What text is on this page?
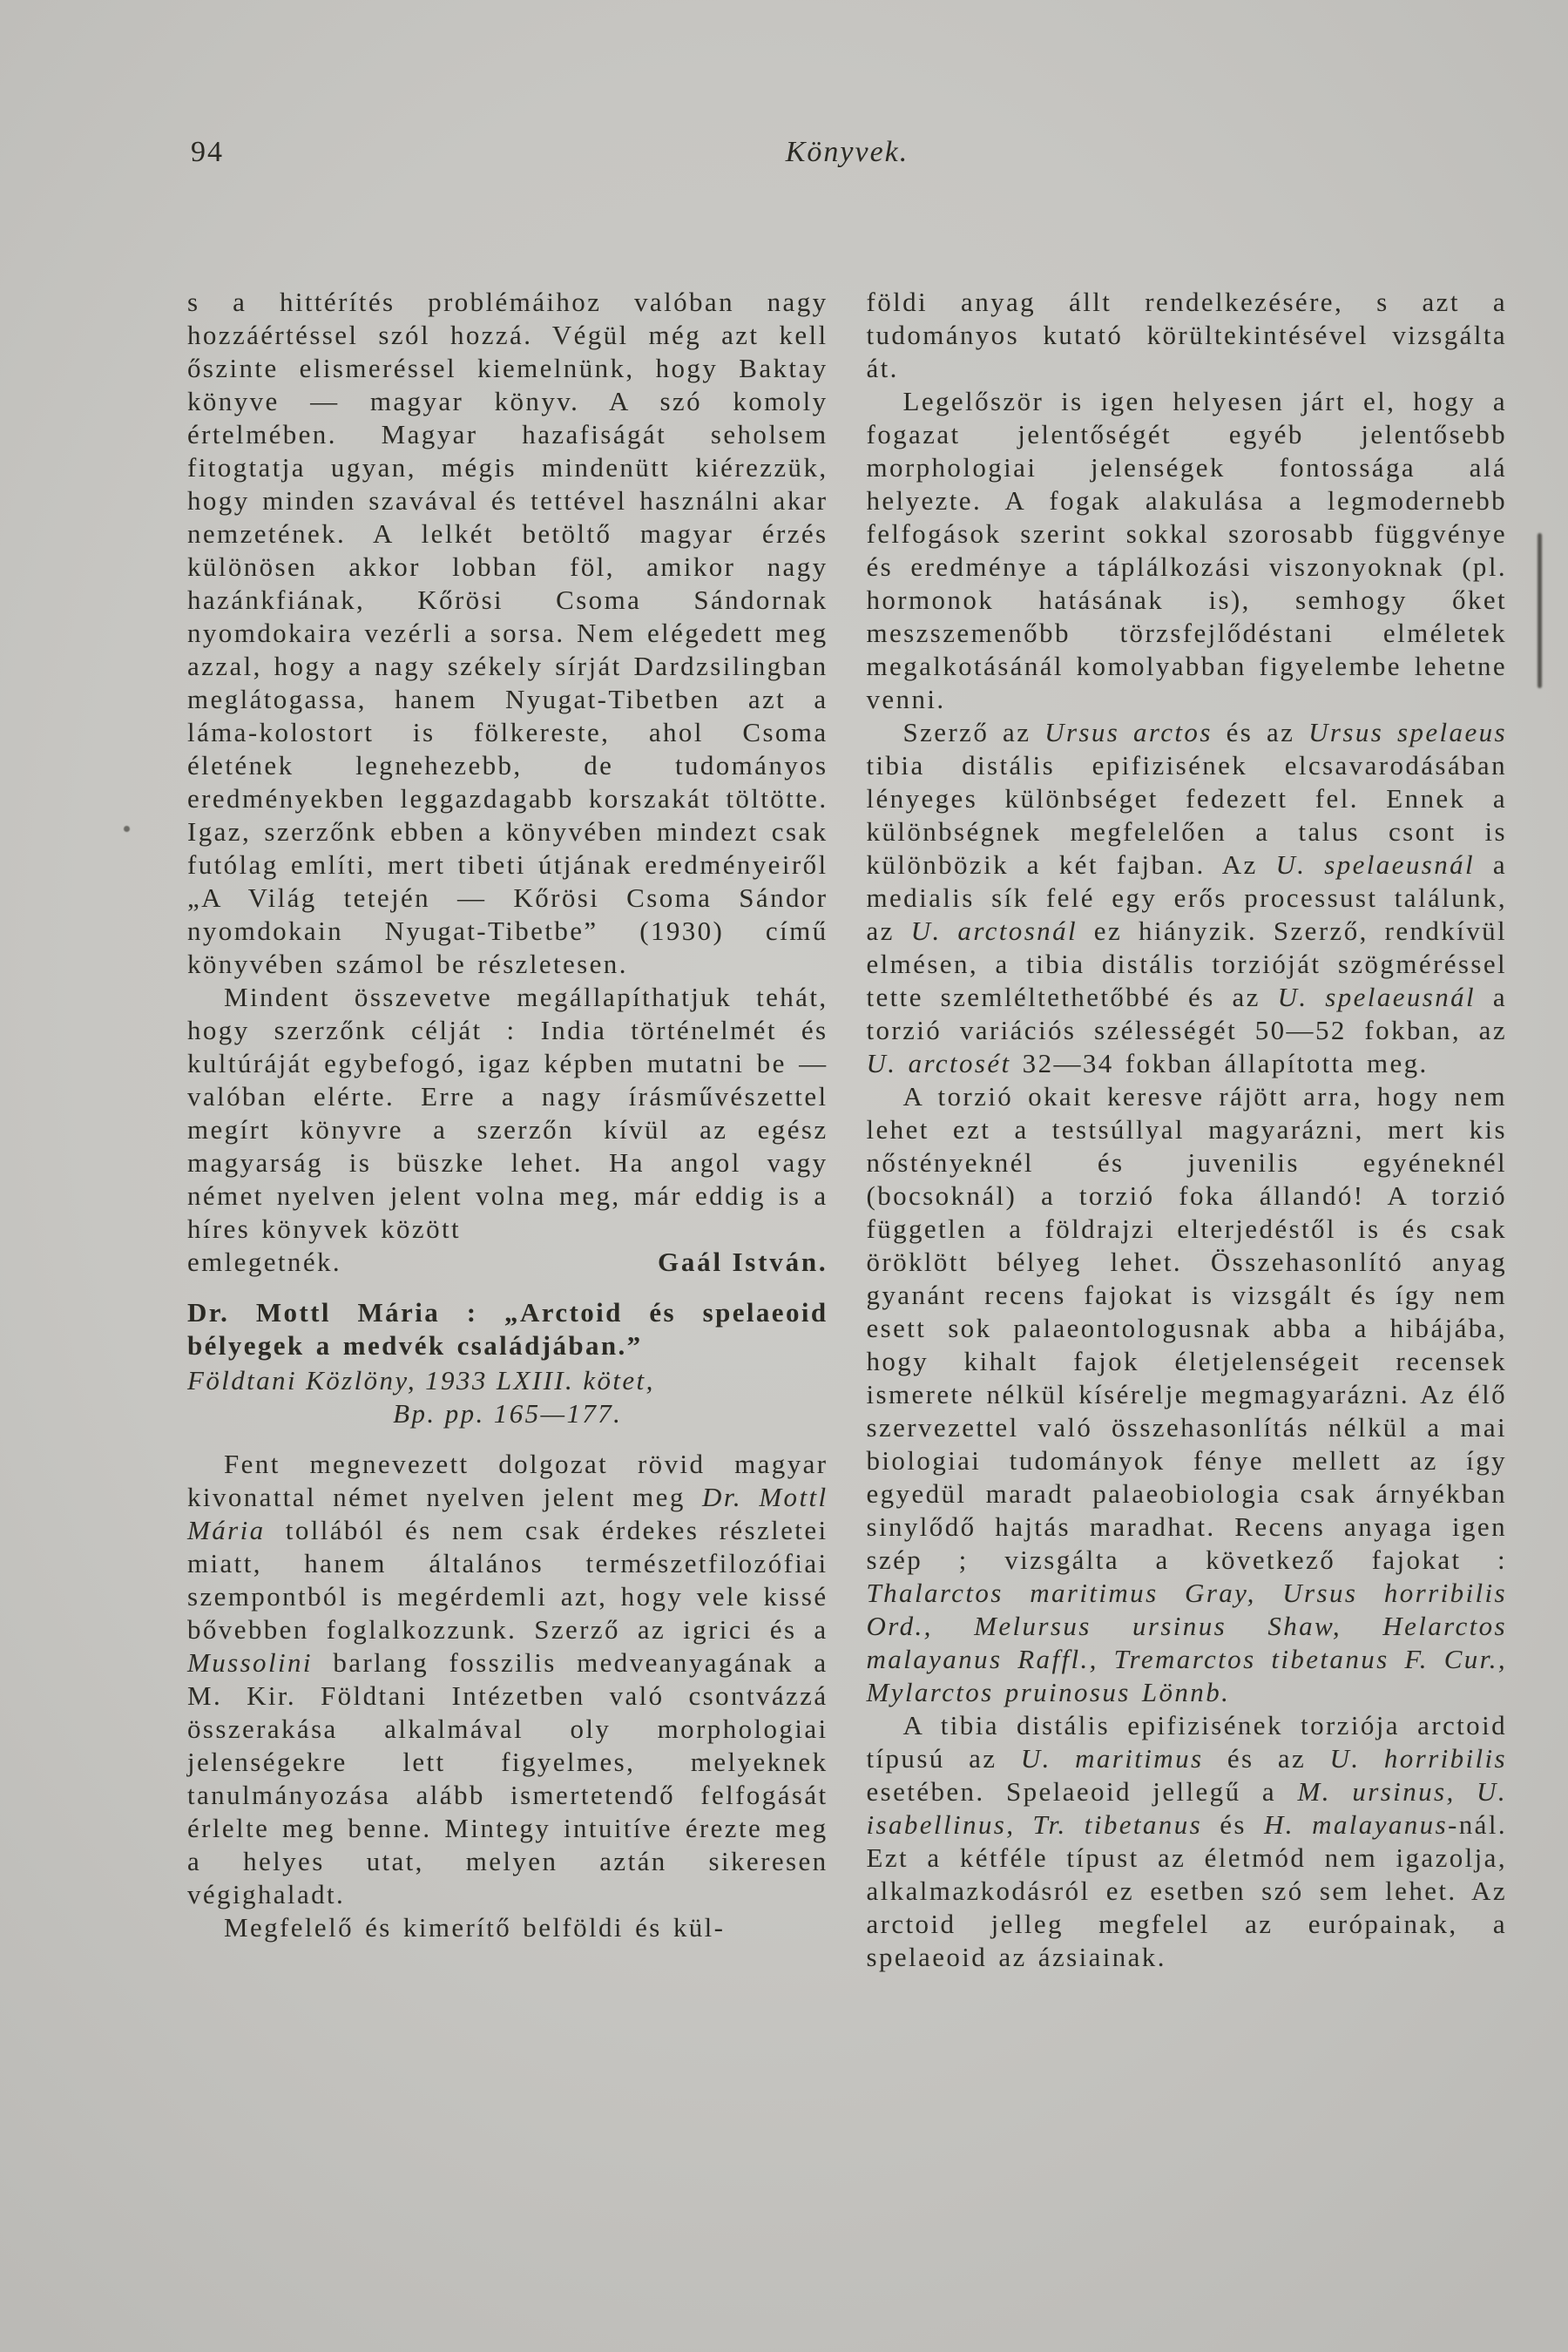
94	Könyvek.

s a hittérítés problémáihoz valóban nagy hozzáértéssel szól hozzá. Végül még azt kell őszinte elismeréssel kiemelnünk, hogy Baktay könyve — magyar könyv. A szó komoly értelmében. Magyar hazafiságát seholsem fitogtatja ugyan, mégis mindenütt kiérezzük, hogy minden szavával és tettével használni akar nemzetének. A lelkét betöltő magyar érzés különösen akkor lobban föl, amikor nagy hazánkfiának, Kőrösi Csoma Sándornak nyomdokaira vezérli a sorsa. Nem elégedett meg azzal, hogy a nagy székely sírját Dardzsilingban meglátogassa, hanem Nyugat-Tibetben azt a láma-kolostort is fölkereste, ahol Csoma életének legnehezebb, de tudományos eredményekben leggazdagabb korszakát töltötte. Igaz, szerzőnk ebben a könyvében mindezt csak futólag említi, mert tibeti útjának eredményeiről „A Világ tetején — Kőrösi Csoma Sándor nyomdokain Nyugat-Tibetbe” (1930) című könyvében számol be részletesen.

Mindent összevetve megállapíthatjuk tehát, hogy szerzőnk célját : India történelmét és kultúráját egybefogó, igaz képben mutatni be — valóban elérte. Erre a nagy írásművészettel megírt könyvre a szerzőn kívül az egész magyarság is büszke lehet. Ha angol vagy német nyelven jelent volna meg, már eddig is a híres könyvek között

emlegetnék.	Gaál István.

Dr. Mottl Mária : „Arctoid és spelaeoid bélyegek a medvék családjában.”

Földtani Közlöny, 1933 LXIII. kötet,
Bp. pp. 165—177.

Fent megnevezett dolgozat rövid magyar kivonattal német nyelven jelent meg Dr. Mottl Mária tollából és nem csak érdekes részletei miatt, hanem általános természetfilozófiai szempontból is megérdemli azt, hogy vele kissé bővebben foglalkozzunk. Szerző az igrici és a Mussolini barlang fosszilis medveanyagának a M. Kir. Földtani Intézetben való csontvázzá összerakása alkalmával oly morphologiai jelenségekre lett figyelmes, melyeknek tanulmányozása alább ismertetendő felfogását érlelte meg benne. Mintegy intuitíve érezte meg a helyes utat, melyen aztán sikeresen végighaladt.

Megfelelő és kimerítő belföldi és kül-

földi anyag állt rendelkezésére, s azt a tudományos kutató körültekintésével vizsgálta át.

Legelőször is igen helyesen járt el, hogy a fogazat jelentőségét egyéb jelentősebb morphologiai jelenségek fontossága alá helyezte. A fogak alakulása a legmodernebb felfogások szerint sokkal szorosabb függvénye és eredménye a táplálkozási viszonyoknak (pl. hormonok hatásának is), semhogy őket meszszemenőbb törzsfejlődéstani elméletek megalkotásánál komolyabban figyelembe lehetne venni.

Szerző az Ursus arctos és az Ursus spelaeus tibia distális epifizisének elcsavarodásában lényeges különbséget fedezett fel. Ennek a különbségnek megfelelően a talus csont is különbözik a két fajban. Az U. spelaeusnál a medialis sík felé egy erős processust találunk, az U. arctosnál ez hiányzik. Szerző, rendkívül elmésen, a tibia distális torzióját szögméréssel tette szemléltethetőbbé és az U. spelaeusnál a torzió variációs szélességét 50—52 fokban, az U. arctosét 32—34 fokban állapította meg.

A torzió okait keresve rájött arra, hogy nem lehet ezt a testsúllyal magyarázni, mert kis nőstényeknél és juvenilis egyéneknél (bocsoknál) a torzió foka állandó! A torzió független a földrajzi elterjedéstől is és csak öröklött bélyeg lehet. Összehasonlító anyag gyanánt recens fajokat is vizsgált és így nem esett sok palaeontologusnak abba a hibájába, hogy kihalt fajok életjelenségeit recensek ismerete nélkül kísérelje megmagyarázni. Az élő szervezettel való összehasonlítás nélkül a mai biologiai tudományok fénye mellett az így egyedül maradt palaeobiologia csak árnyékban sinylődő hajtás maradhat. Recens anyaga igen szép ; vizsgálta a következő fajokat : Thalarctos maritimus Gray, Ursus horribilis Ord., Melursus ursinus Shaw, Helarctos malayanus Raffl., Tremarctos tibetanus F. Cur., Mylarctos pruinosus Lönnb.

A tibia distális epifizisének torziója arctoid típusú az U. maritimus és az U. horribilis esetében. Spelaeoid jellegű a M. ursinus, U. isabellinus, Tr. tibetanus és H. malayanus-nál. Ezt a kétféle típust az életmód nem igazolja, alkalmazkodásról ez esetben szó sem lehet. Az arctoid jelleg megfelel az európainak, a spelaeoid az ázsiainak.
